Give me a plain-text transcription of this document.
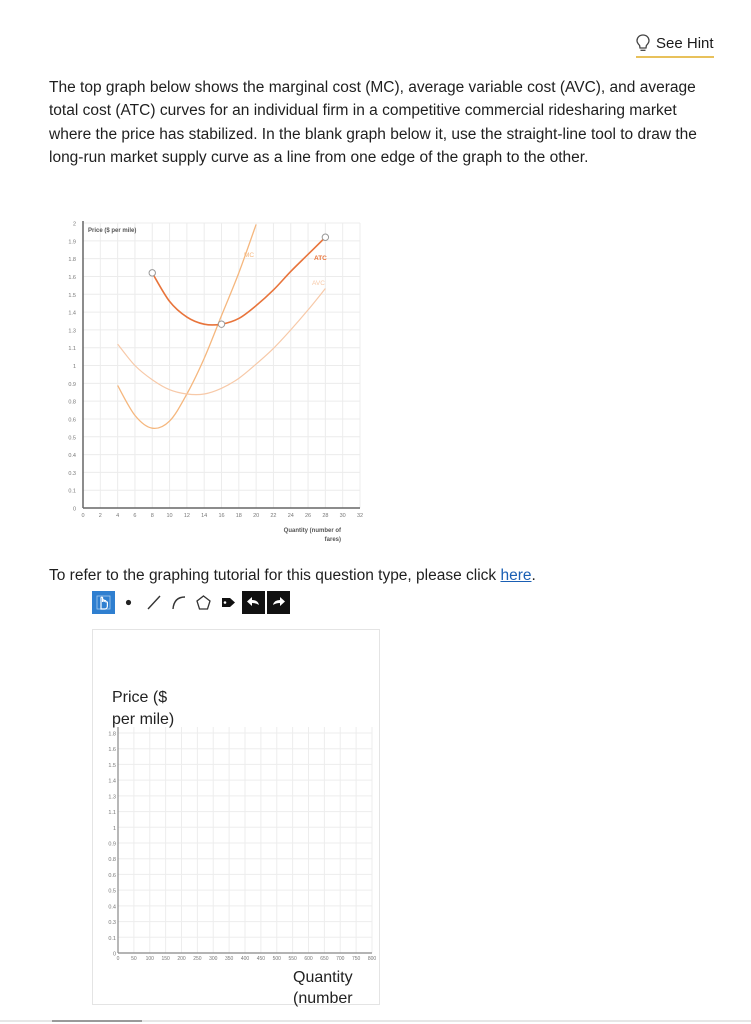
See Hint

The top graph below shows the marginal cost (MC), average variable cost (AVC), and average total cost (ATC) curves for an individual firm in a competitive commercial ridesharing market where the price has stabilized. In the blank graph below it, use the straight-line tool to draw the long-run market supply curve as a line from one edge of the graph to the other.

0
0.1
0.3
0.4
0.5
0.6
0.8
0.9
1
1.1
1.3
1.4
1.5
1.6
1.8
1.9
2
0	2	4	6	8 10 12 14 16 18 20 22 24 26 28 30 32
Price ($ per mile)
MC	ATC
AVC
Quantity (number of
fares)
To refer to the graphing tutorial for this question type, please click here.
0
0.1
0.3
0.4
0.5
0.6
0.8
0.9
1
1.1
1.3
1.4
1.5
1.6
1.8
0 50 100 150 200 250 300 350 400 450 500 550 600 650 700 750 800
Price ($
per mile)
Quantity
(number
